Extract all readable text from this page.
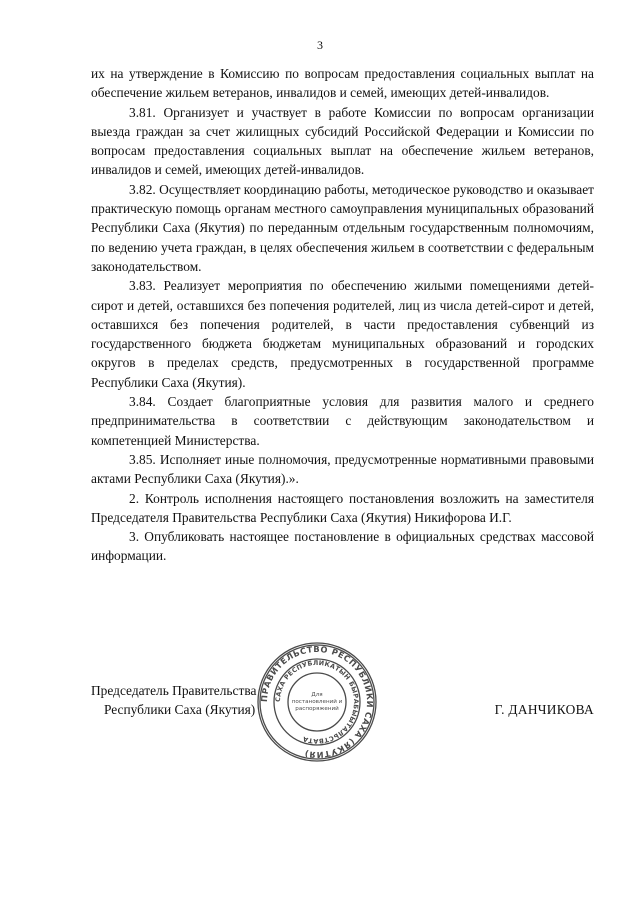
3

их на утверждение в Комиссию по вопросам предоставления социальных выплат на обеспечение жильем ветеранов, инвалидов и семей, имеющих детей-инвалидов.

3.81. Организует и участвует в работе Комиссии по вопросам организации выезда граждан за счет жилищных субсидий Российской Федерации и Комиссии по вопросам предоставления социальных выплат на обеспечение жильем ветеранов, инвалидов и семей, имеющих детей-инвалидов.

3.82. Осуществляет координацию работы, методическое руководство и оказывает практическую помощь органам местного самоуправления муниципальных образований Республики Саха (Якутия) по переданным отдельным государственным полномочиям, по ведению учета граждан, в целях обеспечения жильем в соответствии с федеральным законодательством.

3.83. Реализует мероприятия по обеспечению жилыми помещениями детей-сирот и детей, оставшихся без попечения родителей, лиц из числа детей-сирот и детей, оставшихся без попечения родителей, в части предоставления субвенций из государственного бюджета бюджетам муниципальных образований и городских округов в пределах средств, предусмотренных в государственной программе Республики Саха (Якутия).

3.84. Создает благоприятные условия для развития малого и среднего предпринимательства в соответствии с действующим законодательством и компетенцией Министерства.

3.85. Исполняет иные полномочия, предусмотренные нормативными правовыми актами Республики Саха (Якутия).».

2. Контроль исполнения настоящего постановления возложить на заместителя Председателя Правительства Республики Саха (Якутия) Никифорова И.Г.

3. Опубликовать настоящее постановление в официальных средствах массовой информации.

Председатель Правительства
Республики Саха (Якутия)	Г. ДАНЧИКОВА
ПРАВИТЕЛЬСТВО РЕСПУБЛИКИ САХА (ЯКУТИЯ)
САХА РЕСПУБЛИКАТЫН БЫРАБЫЫТАЛЬСТВАТА
Для
постановлений и
распоряжений
